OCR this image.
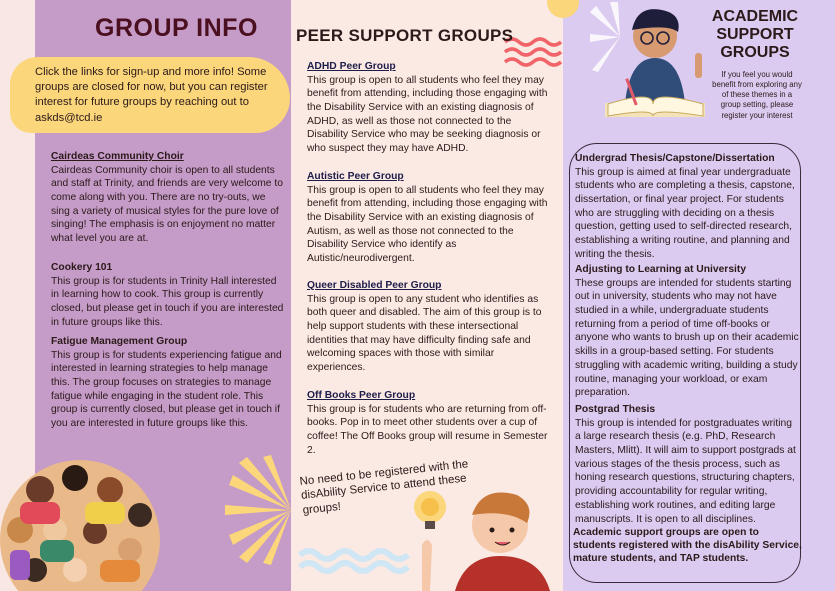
GROUP INFO
Click the links for sign-up and more info! Some groups are closed for now, but you can register interest for future groups by reaching out to askds@tcd.ie
Cairdeas Community Choir

Cairdeas Community choir is open to all students and staff at Trinity, and friends are very welcome to come along with you. There are no try-outs, we sing a variety of musical styles for the pure love of singing! The emphasis is on enjoyment no matter what level you are at.

Cookery 101

This group is for students in Trinity Hall interested in learning how to cook. This group is currently closed, but please get in touch if you are interested in future groups like this.

Fatigue Management Group

This group is for students experiencing fatigue and interested in learning strategies to help manage this. The group focuses on strategies to manage fatigue while engaging in the student role. This group is currently closed, but please get in touch if you are interested in future groups like this.

PEER SUPPORT GROUPS
ADHD Peer Group

This group is open to all students who feel they may benefit from attending, including those engaging with the Disability Service with an existing diagnosis of ADHD, as well as those not connected to the Disability Service who may be seeking diagnosis or who suspect they may have ADHD.

Autistic Peer Group

This group is open to all students who feel they may benefit from attending, including those engaging with the Disability Service with an existing diagnosis of Autism, as well as those not connected to the Disability Service who identify as Autistic/neurodivergent.

Queer Disabled Peer Group

This group is open to any student who identifies as both queer and disabled. The aim of this group is to help support students with these intersectional identities that may have difficulty finding safe and welcoming spaces with those with similar experiences.

Off Books Peer Group

This group is for students who are returning from off-books. Pop in to meet other students over a cup of coffee! The Off Books group will resume in Semester 2.

No need to be registered with the disAbility Service to attend these groups!
ACADEMIC SUPPORT GROUPS
If you feel you would benefit from exploring any of these themes in a group setting, please register your interest
Undergrad Thesis/Capstone/Dissertation

This group is aimed at final year undergraduate students who are completing a thesis, capstone, dissertation, or final year project. For students who are struggling with deciding on a thesis question, getting used to self-directed research, establishing a writing routine, and planning and writing the thesis.

Adjusting to Learning at University

These groups are intended for students starting out in university, students who may not have studied in a while, undergraduate students returning from a period of time off-books or anyone who wants to brush up on their academic skills in a group-based setting. For students struggling with academic writing, building a study routine, managing your workload, or exam preparation.

Postgrad Thesis

This group is intended for postgraduates writing a large research thesis (e.g. PhD, Research Masters, Mlitt). It will aim to support postgrads at various stages of the thesis process, such as honing research questions, structuring chapters, providing accountability for regular writing, establishing work routines, and editing large manuscripts. It is open to all disciplines.

Academic support groups are open to students registered with the disAbility Service, mature students, and TAP students.
